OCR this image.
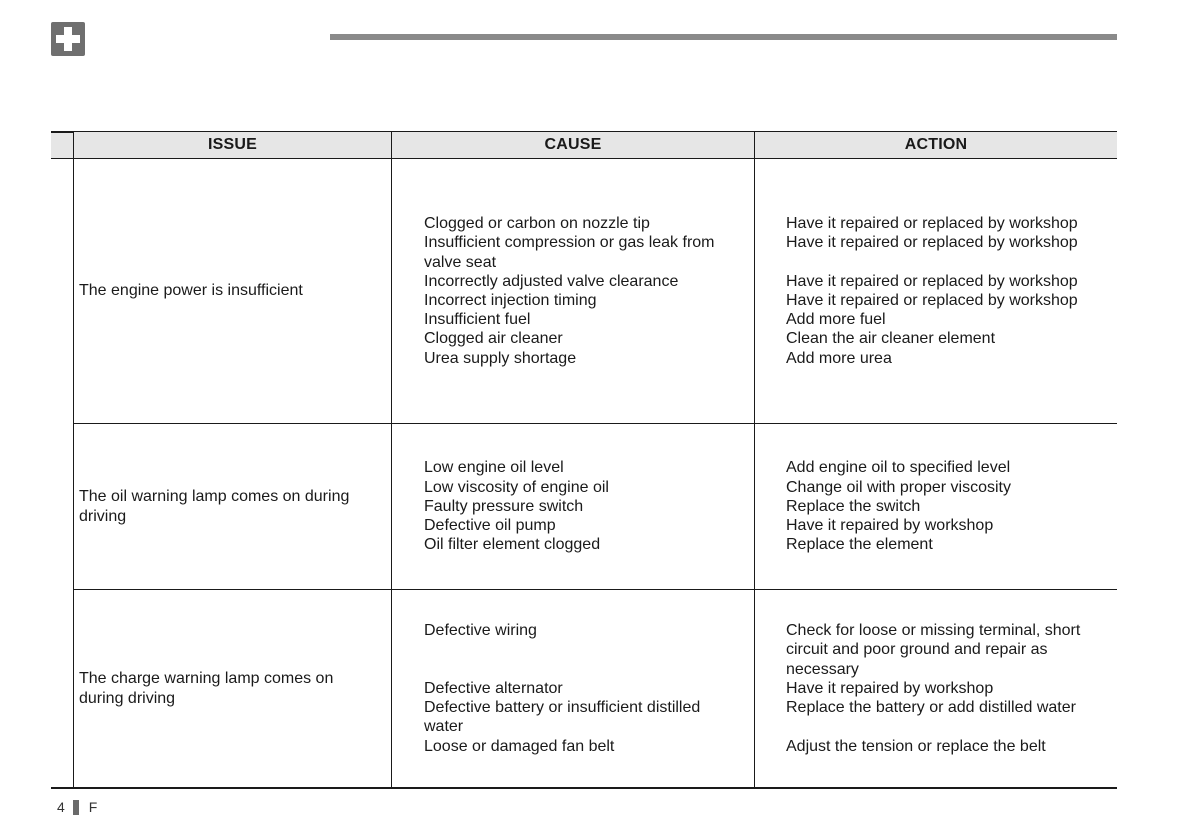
ISSUE	CAUSE	ACTION
The engine power is insufficient
Clogged or carbon on nozzle tip
Insufficient compression or gas leak from
valve seat
Incorrectly adjusted valve clearance
Incorrect injection timing
Insufficient fuel
Clogged air cleaner
Urea supply shortage
Have it repaired or replaced by workshop
Have it repaired or replaced by workshop

Have it repaired or replaced by workshop
Have it repaired or replaced by workshop
Add more fuel
Clean the air cleaner element
Add more urea
The oil warning lamp comes on during
driving
Low engine oil level
Low viscosity of engine oil
Faulty pressure switch
Defective oil pump
Oil filter element clogged
Add engine oil to specified level
Change oil with proper viscosity
Replace the switch
Have it repaired by workshop
Replace the element
The charge warning lamp comes on
during driving
Defective wiring

Defective alternator
Defective battery or insufficient distilled
water
Loose or damaged fan belt
Check for loose or missing terminal, short
circuit and poor ground and repair as
necessary
Have it repaired by workshop
Replace the battery or add distilled water

Adjust the tension or replace the belt
4 F
